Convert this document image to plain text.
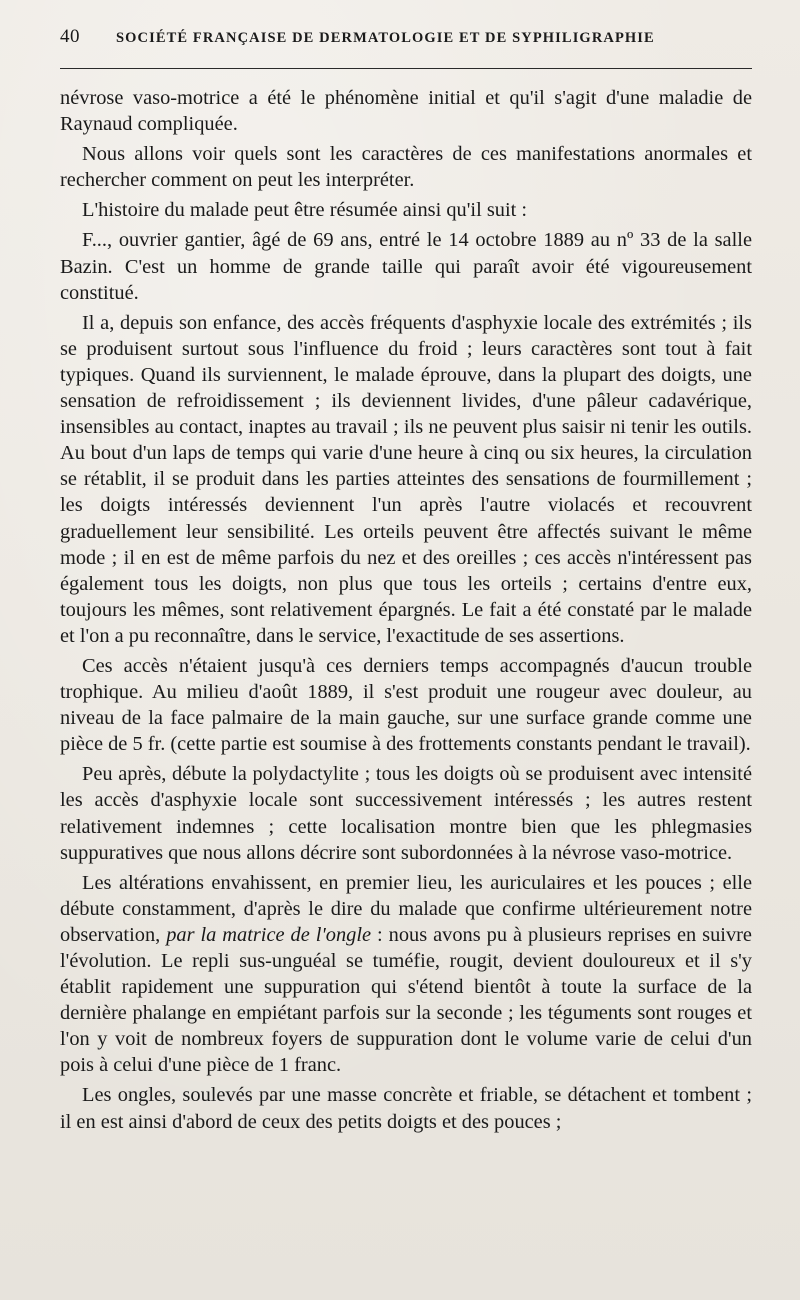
40	SOCIÉTÉ FRANÇAISE DE DERMATOLOGIE ET DE SYPHILIGRAPHIE

névrose vaso-motrice a été le phénomène initial et qu'il s'agit d'une maladie de Raynaud compliquée.

Nous allons voir quels sont les caractères de ces manifestations anormales et rechercher comment on peut les interpréter.

L'histoire du malade peut être résumée ainsi qu'il suit :

F..., ouvrier gantier, âgé de 69 ans, entré le 14 octobre 1889 au nº 33 de la salle Bazin. C'est un homme de grande taille qui paraît avoir été vigoureusement constitué.

Il a, depuis son enfance, des accès fréquents d'asphyxie locale des extrémités ; ils se produisent surtout sous l'influence du froid ; leurs caractères sont tout à fait typiques. Quand ils surviennent, le malade éprouve, dans la plupart des doigts, une sensation de refroidissement ; ils deviennent livides, d'une pâleur cadavérique, insensibles au contact, inaptes au travail ; ils ne peuvent plus saisir ni tenir les outils. Au bout d'un laps de temps qui varie d'une heure à cinq ou six heures, la circulation se rétablit, il se produit dans les parties atteintes des sensations de fourmillement ; les doigts intéressés deviennent l'un après l'autre violacés et recouvrent graduellement leur sensibilité. Les orteils peuvent être affectés suivant le même mode ; il en est de même parfois du nez et des oreilles ; ces accès n'intéressent pas également tous les doigts, non plus que tous les orteils ; certains d'entre eux, toujours les mêmes, sont relativement épargnés. Le fait a été constaté par le malade et l'on a pu reconnaître, dans le service, l'exactitude de ses assertions.

Ces accès n'étaient jusqu'à ces derniers temps accompagnés d'aucun trouble trophique. Au milieu d'août 1889, il s'est produit une rougeur avec douleur, au niveau de la face palmaire de la main gauche, sur une surface grande comme une pièce de 5 fr. (cette partie est soumise à des frottements constants pendant le travail).

Peu après, débute la polydactylite ; tous les doigts où se produisent avec intensité les accès d'asphyxie locale sont successivement intéressés ; les autres restent relativement indemnes ; cette localisation montre bien que les phlegmasies suppuratives que nous allons décrire sont subordonnées à la névrose vaso-motrice.

Les altérations envahissent, en premier lieu, les auriculaires et les pouces ; elle débute constamment, d'après le dire du malade que confirme ultérieurement notre observation, par la matrice de l'ongle : nous avons pu à plusieurs reprises en suivre l'évolution. Le repli sus-unguéal se tuméfie, rougit, devient douloureux et il s'y établit rapidement une suppuration qui s'étend bientôt à toute la surface de la dernière phalange en empiétant parfois sur la seconde ; les téguments sont rouges et l'on y voit de nombreux foyers de suppuration dont le volume varie de celui d'un pois à celui d'une pièce de 1 franc.

Les ongles, soulevés par une masse concrète et friable, se détachent et tombent ; il en est ainsi d'abord de ceux des petits doigts et des pouces ;
